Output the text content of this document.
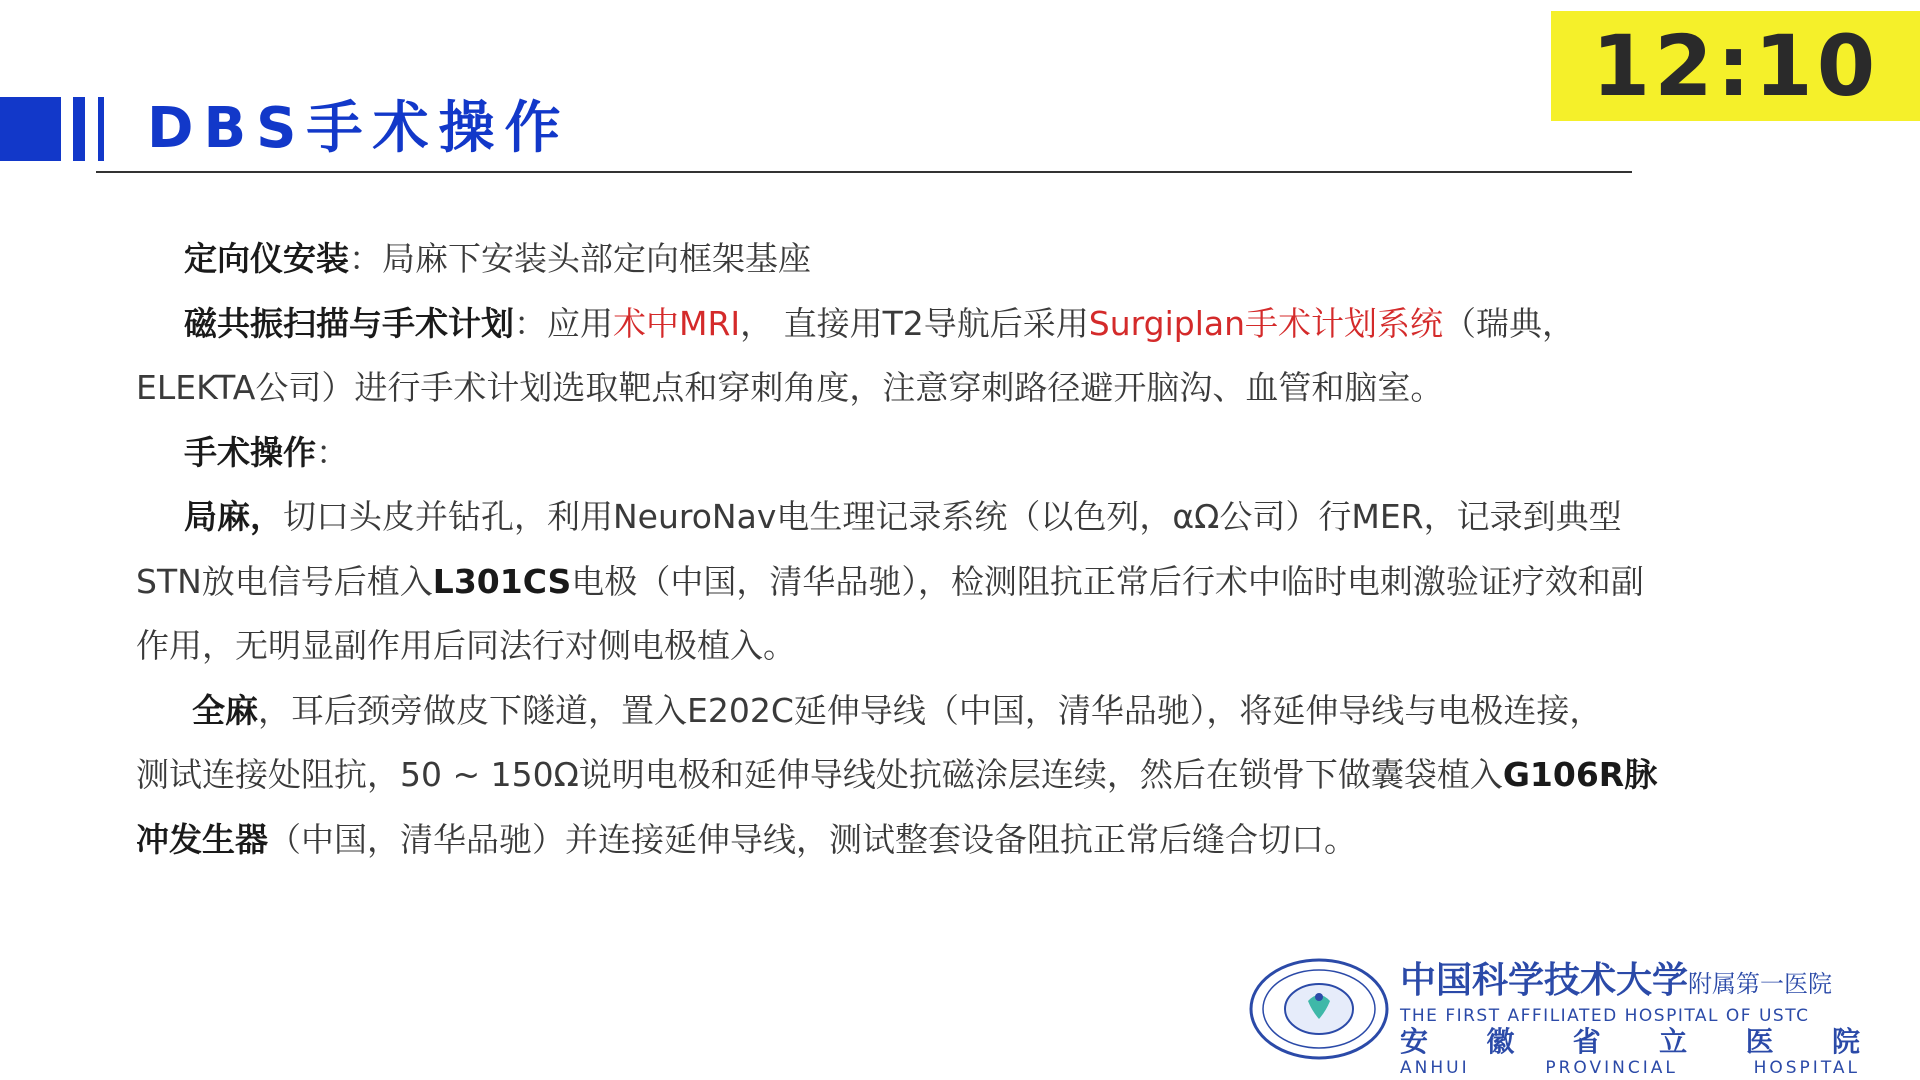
DBS手术操作
12:10
定向仪安装：局麻下安装头部定向框架基座
磁共振扫描与手术计划：应用术中MRI， 直接用T2导航后采用Surgiplan手术计划系统（瑞典，
ELEKTA公司）进行手术计划选取靶点和穿刺角度，注意穿刺路径避开脑沟、血管和脑室。
手术操作：
局麻，切口头皮并钻孔，利用NeuroNav电生理记录系统（以色列，αΩ公司）行MER，记录到典型
STN放电信号后植入L301CS电极（中国，清华品驰），检测阻抗正常后行术中临时电刺激验证疗效和副
作用，无明显副作用后同法行对侧电极植入。
全麻，耳后颈旁做皮下隧道，置入E202C延伸导线（中国，清华品驰），将延伸导线与电极连接，
测试连接处阻抗，50 ~ 150Ω说明电极和延伸导线处抗磁涂层连续，然后在锁骨下做囊袋植入G106R脉
冲发生器（中国，清华品驰）并连接延伸导线，测试整套设备阻抗正常后缝合切口。
中国科学技术大学附属第一医院
THE FIRST AFFILIATED HOSPITAL OF USTC
安 徽 省 立 医 院
ANHUI	PROVINCIAL	HOSPITAL
